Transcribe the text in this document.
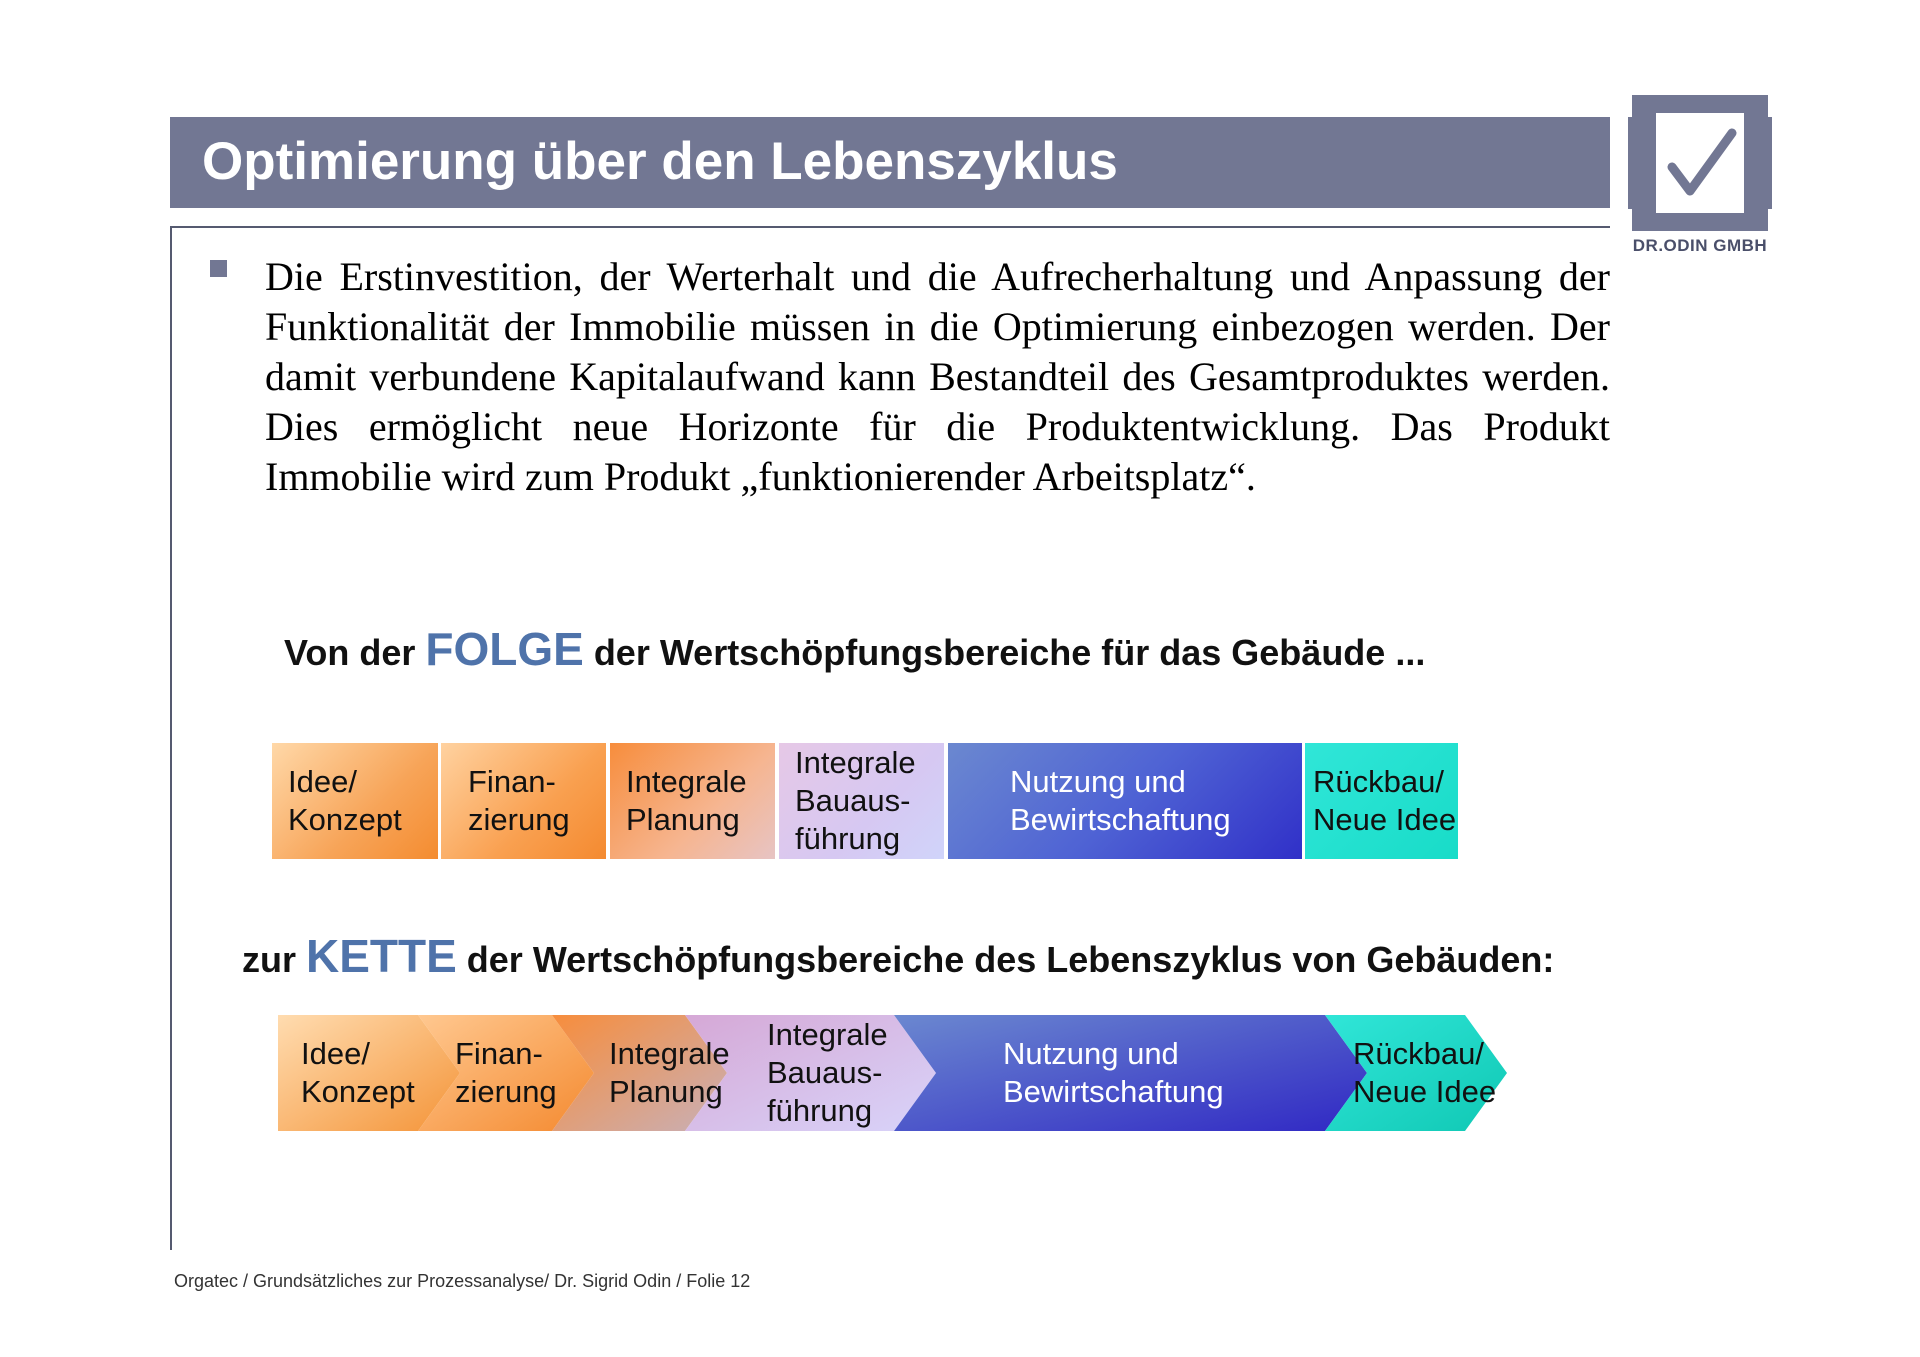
Optimierung über den Lebenszyklus
DR.ODIN GMBH
Die Erstinvestition, der Werterhalt und die Aufrecherhaltung und Anpassung der Funktionalität der Immobilie müssen in die Optimierung einbezogen werden. Der damit verbundene Kapitalaufwand kann Bestandteil des Gesamtproduktes werden. Dies ermöglicht neue Horizonte für die Produktentwicklung. Das Produkt Immobilie wird zum Produkt „funktionierender Arbeitsplatz“.
Von der FOLGE der Wertschöpfungsbereiche für das Gebäude ...
Idee/
Konzept
Finan-
zierung
Integrale
Planung
Integrale
Bauaus-
führung
Nutzung und
Bewirtschaftung
Rückbau/
Neue Idee
zur KETTE der Wertschöpfungsbereiche des Lebenszyklus von Gebäuden:
Idee/
Konzept
Finan-
zierung
Integrale
Planung
Integrale
Bauaus-
führung
Nutzung und
Bewirtschaftung
Rückbau/
Neue Idee
Orgatec / Grundsätzliches zur Prozessanalyse/ Dr. Sigrid Odin / Folie 12
